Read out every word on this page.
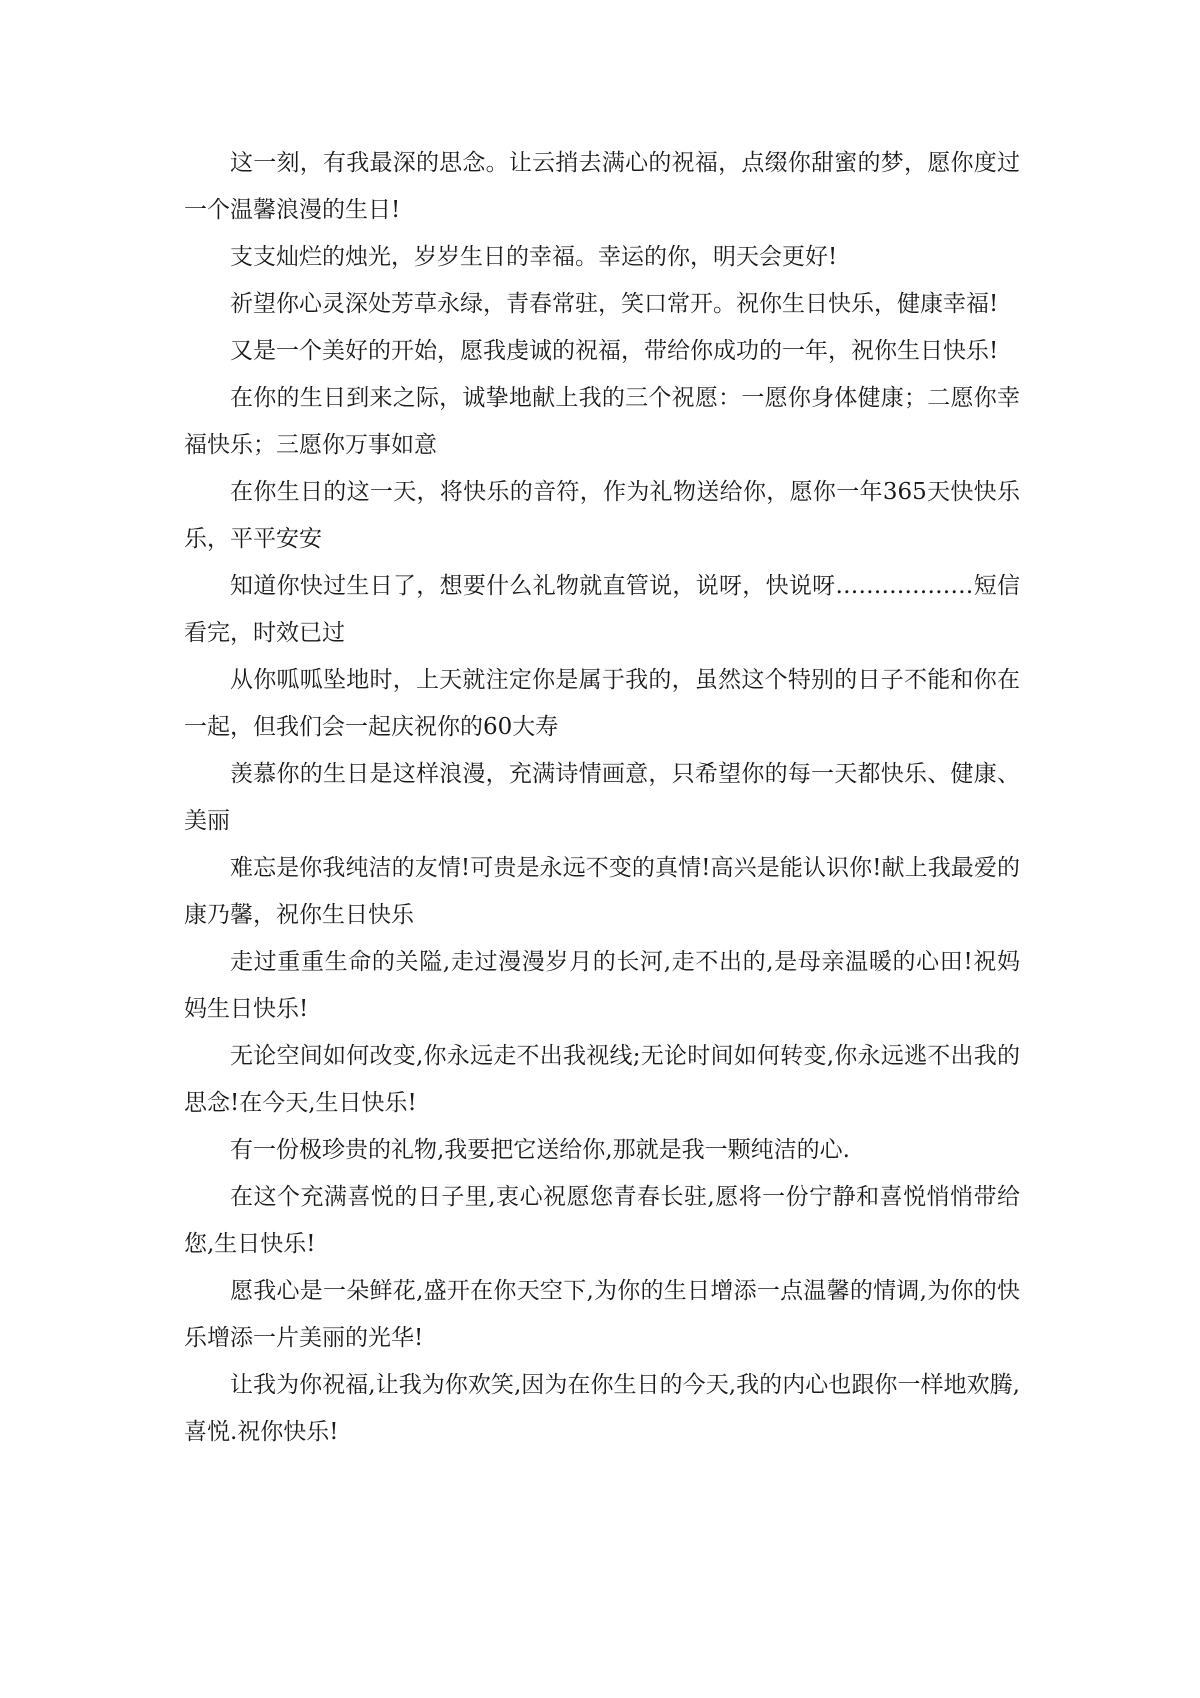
这一刻，有我最深的思念。让云捎去满心的祝福，点缀你甜蜜的梦，愿你度过一个温馨浪漫的生日!

支支灿烂的烛光，岁岁生日的幸福。幸运的你，明天会更好!

祈望你心灵深处芳草永绿，青春常驻，笑口常开。祝你生日快乐，健康幸福!

又是一个美好的开始，愿我虔诚的祝福，带给你成功的一年，祝你生日快乐!

在你的生日到来之际，诚挚地献上我的三个祝愿：一愿你身体健康；二愿你幸福快乐；三愿你万事如意

在你生日的这一天，将快乐的音符，作为礼物送给你，愿你一年365天快快乐乐，平平安安

知道你快过生日了，想要什么礼物就直管说，说呀，快说呀………………短信看完，时效已过

从你呱呱坠地时，上天就注定你是属于我的，虽然这个特别的日子不能和你在一起，但我们会一起庆祝你的60大寿

羡慕你的生日是这样浪漫，充满诗情画意，只希望你的每一天都快乐、健康、美丽

难忘是你我纯洁的友情!可贵是永远不变的真情!高兴是能认识你!献上我最爱的康乃馨，祝你生日快乐

走过重重生命的关隘,走过漫漫岁月的长河,走不出的,是母亲温暖的心田!祝妈妈生日快乐!

无论空间如何改变,你永远走不出我视线;无论时间如何转变,你永远逃不出我的思念!在今天,生日快乐!

有一份极珍贵的礼物,我要把它送给你,那就是我一颗纯洁的心.

在这个充满喜悦的日子里,衷心祝愿您青春长驻,愿将一份宁静和喜悦悄悄带给您,生日快乐!

愿我心是一朵鲜花,盛开在你天空下,为你的生日增添一点温馨的情调,为你的快乐增添一片美丽的光华!

让我为你祝福,让我为你欢笑,因为在你生日的今天,我的内心也跟你一样地欢腾,喜悦.祝你快乐!
